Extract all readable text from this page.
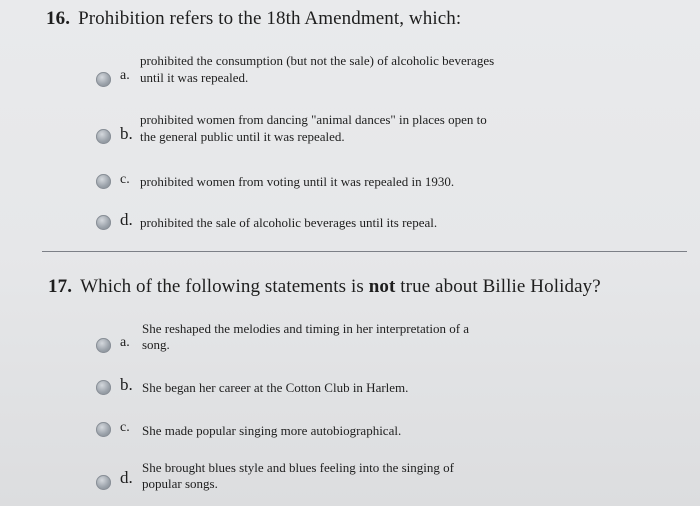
16. Prohibition refers to the 18th Amendment, which:
prohibited the consumption (but not the sale) of alcoholic beverages
a. until it was repealed.
prohibited women from dancing "animal dances" in places open to
b. the general public until it was repealed.
c. prohibited women from voting until it was repealed in 1930.
d. prohibited the sale of alcoholic beverages until its repeal.
17. Which of the following statements is not true about Billie Holiday?
She reshaped the melodies and timing in her interpretation of a
a. song.
b. She began her career at the Cotton Club in Harlem.
c. She made popular singing more autobiographical.
She brought blues style and blues feeling into the singing of
d. popular songs.
